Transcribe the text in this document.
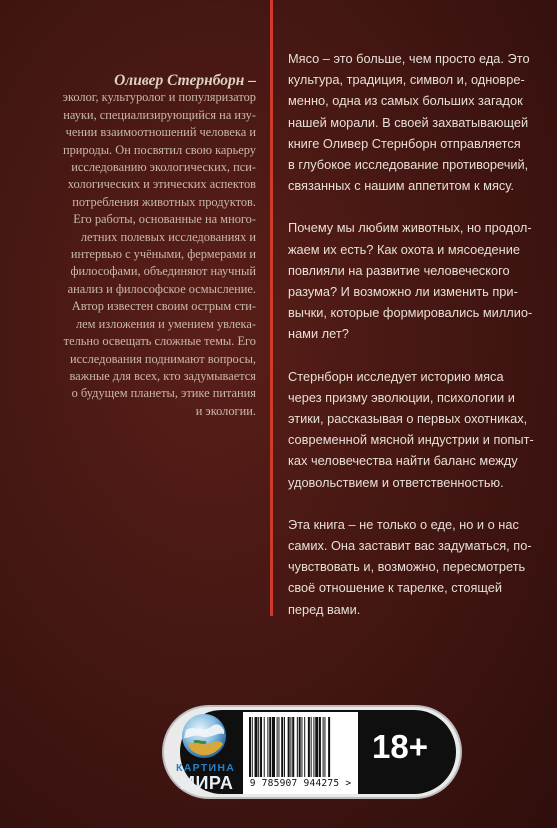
Оливер Стернборн –
эколог, культуролог и популяризатор
науки, специализирующийся на изу-
чении взаимоотношений человека и
природы. Он посвятил свою карьеру
исследованию экологических, пси-
хологических и этических аспектов
потребления животных продуктов.
Его работы, основанные на много-
летних полевых исследованиях и
интервью с учёными, фермерами и
философами, объединяют научный
анализ и философское осмысление.
Автор известен своим острым сти-
лем изложения и умением увлека-
тельно освещать сложные темы. Его
исследования поднимают вопросы,
важные для всех, кто задумывается
о будущем планеты, этике питания
и экологии.

Мясо – это больше, чем просто еда. Это
культура, традиция, символ и, одновре-
менно, одна из самых больших загадок
нашей морали. В своей захватывающей
книге Оливер Стернборн отправляется
в глубокое исследование противоречий,
связанных с нашим аппетитом к мясу.

Почему мы любим животных, но продол-
жаем их есть? Как охота и мясоедение
повлияли на развитие человеческого
разума? И возможно ли изменить при-
вычки, которые формировались миллио-
нами лет?

Стернборн исследует историю мяса
через призму эволюции, психологии и
этики, рассказывая о первых охотниках,
современной мясной индустрии и попыт-
ках человечества найти баланс между
удовольствием и ответственностью.

Эта книга – не только о еде, но и о нас
самих. Она заставит вас задуматься, по-
чувствовать и, возможно, пересмотреть
своё отношение к тарелке, стоящей
перед вами.

КАРТИНА
МИРА	9 785907 944275 >
18+
